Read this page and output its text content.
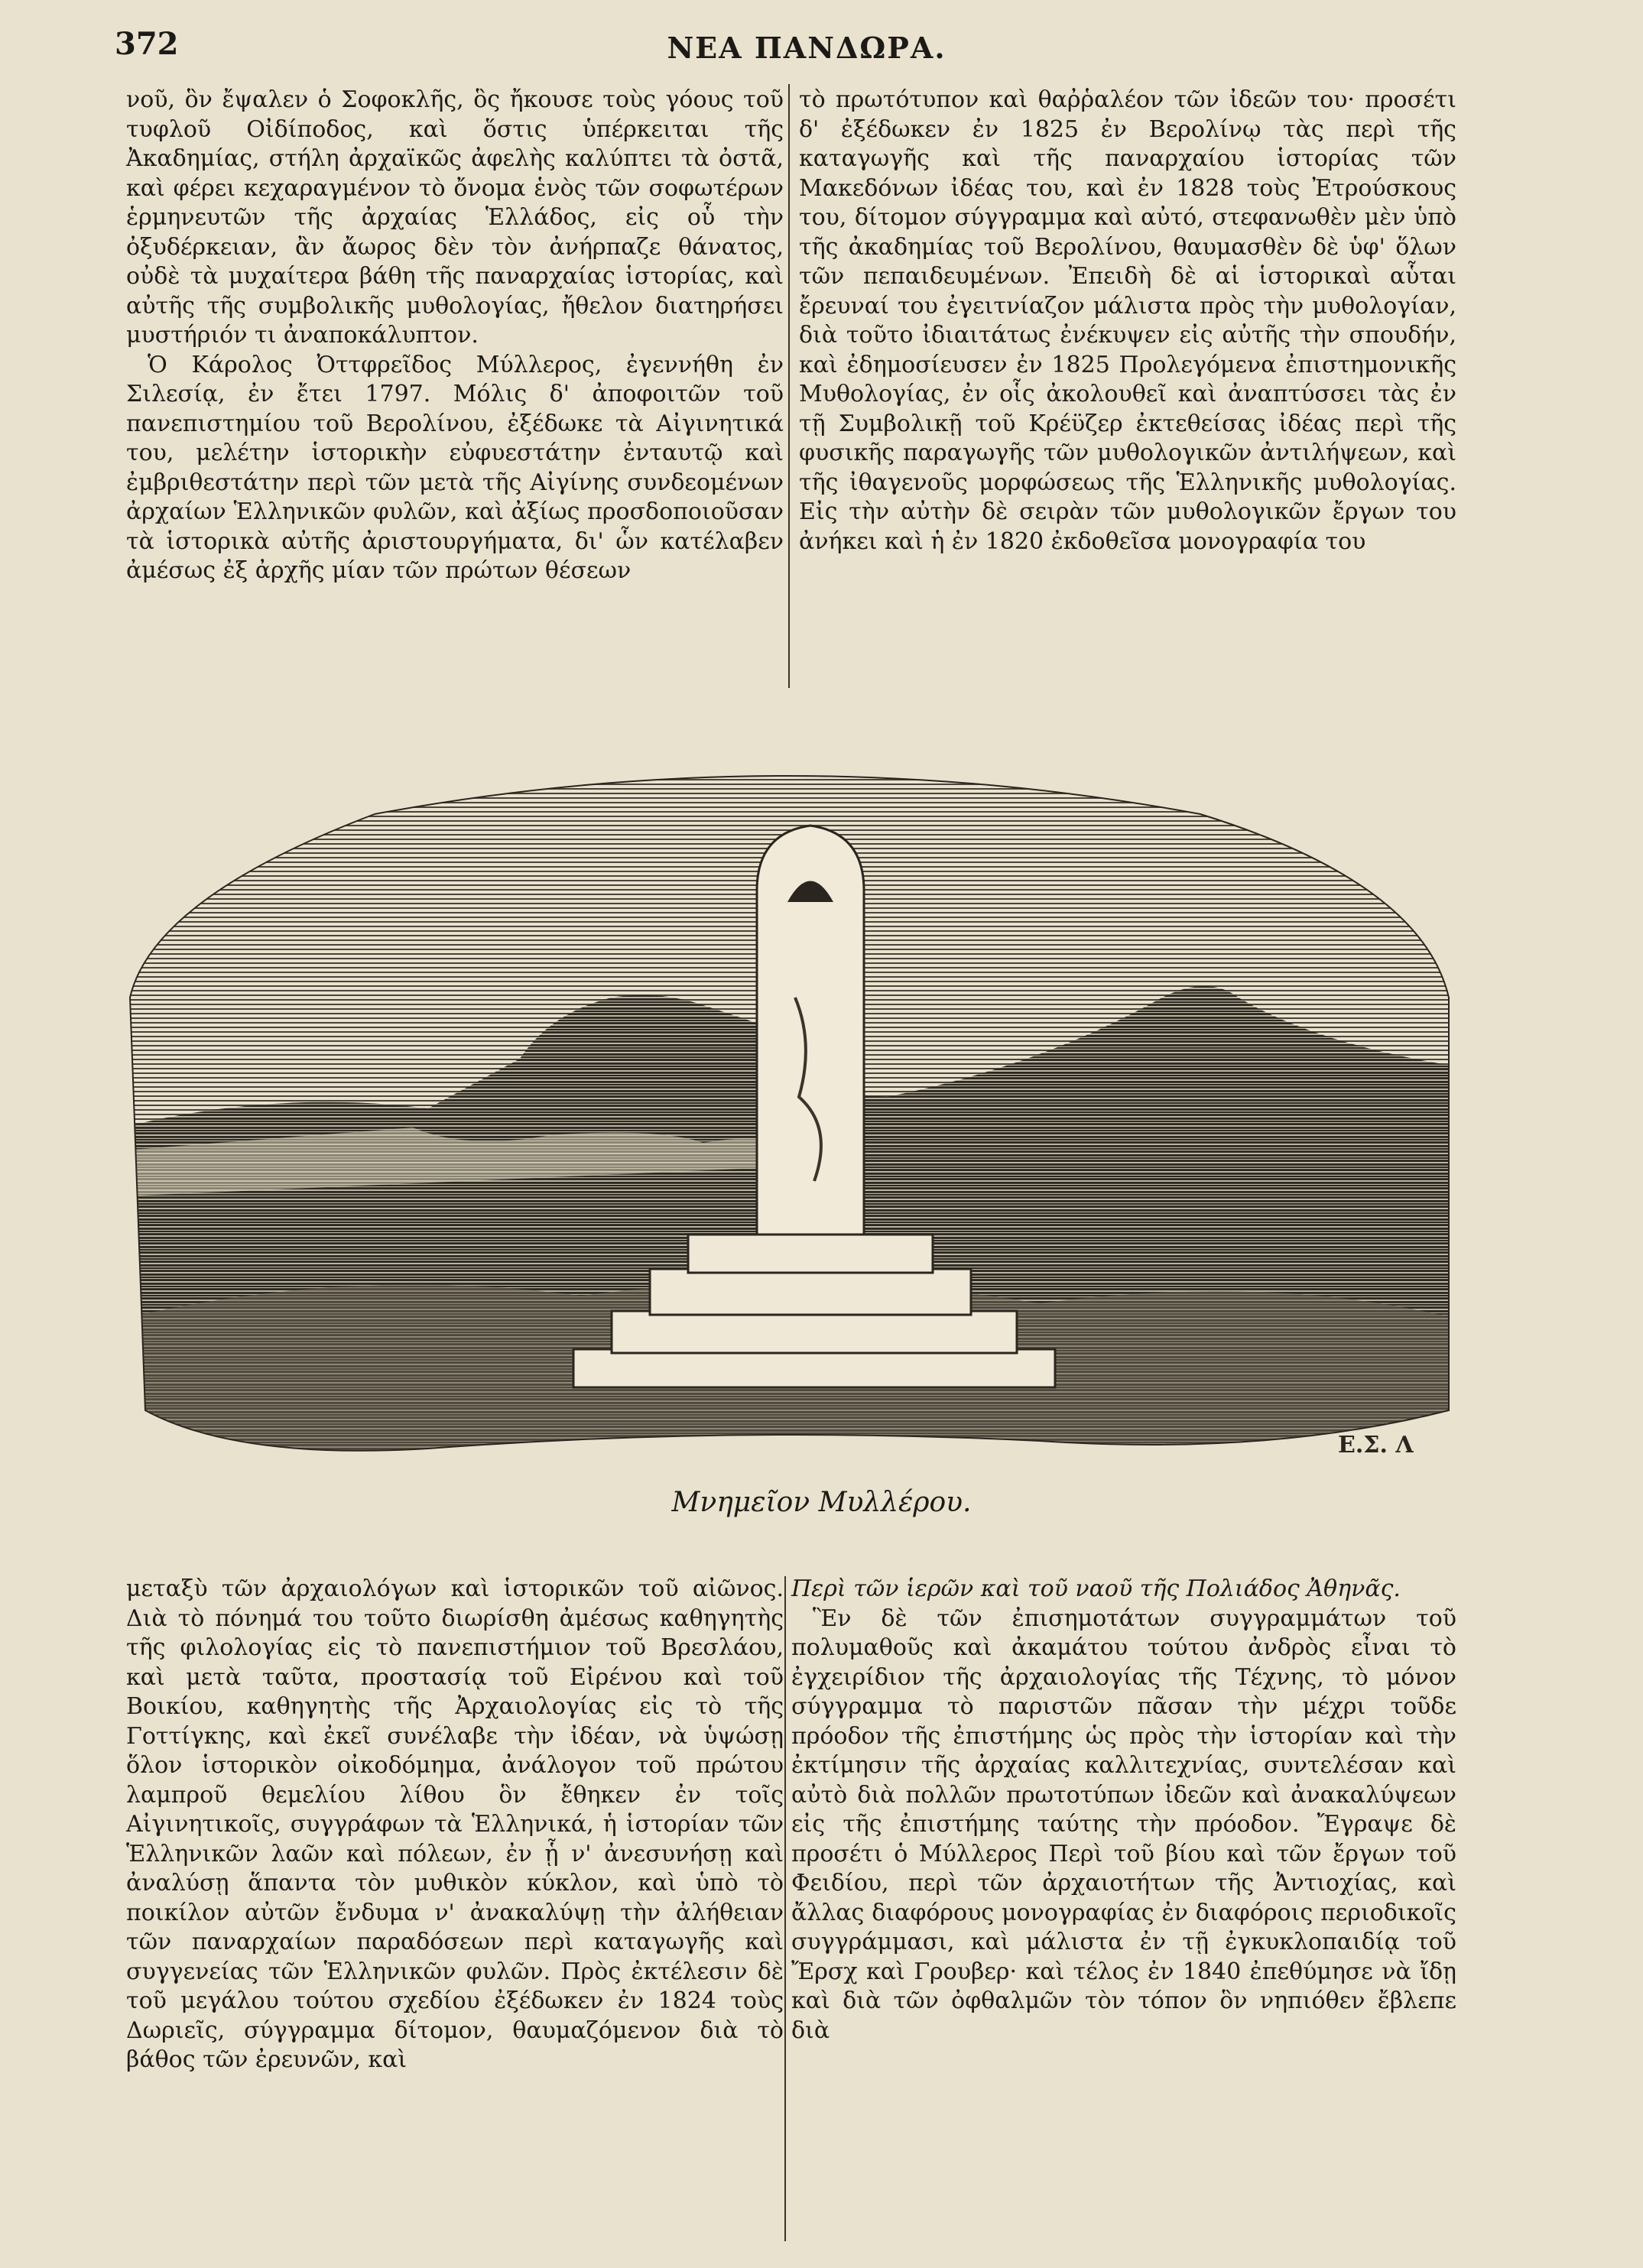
372	ΝΕΑ ΠΑΝΔΩΡΑ.

νοῦ, ὃν ἔψαλεν ὁ Σοφοκλῆς, ὃς ἤκουσε τοὺς γόους τοῦ τυφλοῦ Οἰδίποδος, καὶ ὅστις ὑπέρκειται τῆς Ἀκαδημίας, στήλη ἀρχαϊκῶς ἀφελὴς καλύπτει τὰ ὀστᾶ, καὶ φέρει κεχαραγμένον τὸ ὄνομα ἑνὸς τῶν σοφωτέρων ἑρμηνευτῶν τῆς ἀρχαίας Ἑλλάδος, εἰς οὗ τὴν ὀξυδέρκειαν, ἂν ἄωρος δὲν τὸν ἀνήρπαζε θάνατος, οὐδὲ τὰ μυχαίτερα βάθη τῆς παναρχαίας ἱστορίας, καὶ αὐτῆς τῆς συμβολικῆς μυθολογίας, ἤθελον διατηρήσει μυστήριόν τι ἀναποκάλυπτον.

Ὁ Κάρολος Ὀττφρεῖδος Μύλλερος, ἐγεννήθη ἐν Σιλεσίᾳ, ἐν ἔτει 1797. Μόλις δ' ἀποφοιτῶν τοῦ πανεπιστημίου τοῦ Βερολίνου, ἐξέδωκε τὰ Αἰγινητικά του, μελέτην ἱστορικὴν εὐφυεστάτην ἐνταυτῷ καὶ ἐμβριθεστάτην περὶ τῶν μετὰ τῆς Αἰγίνης συνδεομένων ἀρχαίων Ἑλληνικῶν φυλῶν, καὶ ἀξίως προσδοποιοῦσαν τὰ ἱστορικὰ αὐτῆς ἀριστουργήματα, δι' ὧν κατέλαβεν ἀμέσως ἐξ ἀρχῆς μίαν τῶν πρώτων θέσεων

τὸ πρωτότυπον καὶ θαῤῥαλέον τῶν ἰδεῶν του· προσέτι δ' ἐξέδωκεν ἐν 1825 ἐν Βερολίνῳ τὰς περὶ τῆς καταγωγῆς καὶ τῆς παναρχαίου ἱστορίας τῶν Μακεδόνων ἰδέας του, καὶ ἐν 1828 τοὺς Ἐτρούσκους του, δίτομον σύγγραμμα καὶ αὐτό, στεφανωθὲν μὲν ὑπὸ τῆς ἀκαδημίας τοῦ Βερολίνου, θαυμασθὲν δὲ ὑφ' ὅλων τῶν πεπαιδευμένων. Ἐπειδὴ δὲ αἱ ἱστορικαὶ αὗται ἔρευναί του ἐγειτνίαζον μάλιστα πρὸς τὴν μυθολογίαν, διὰ τοῦτο ἰδιαιτάτως ἐνέκυψεν εἰς αὐτῆς τὴν σπουδήν, καὶ ἐδημοσίευσεν ἐν 1825 Προλεγόμενα ἐπιστημονικῆς Μυθολογίας, ἐν οἷς ἀκολουθεῖ καὶ ἀναπτύσσει τὰς ἐν τῇ Συμβολικῇ τοῦ Κρέϋζερ ἐκτεθείσας ἰδέας περὶ τῆς φυσικῆς παραγωγῆς τῶν μυθολογικῶν ἀντιλήψεων, καὶ τῆς ἰθαγενοῦς μορφώσεως τῆς Ἑλληνικῆς μυθολογίας. Εἰς τὴν αὐτὴν δὲ σειρὰν τῶν μυθολογικῶν ἔργων του ἀνήκει καὶ ἡ ἐν 1820 ἐκδοθεῖσα μονογραφία του

Ε.Σ. Λ
Μνημεῖον Μυλλέρου.

μεταξὺ τῶν ἀρχαιολόγων καὶ ἱστορικῶν τοῦ αἰῶνος. Διὰ τὸ πόνημά του τοῦτο διωρίσθη ἀμέσως καθηγητὴς τῆς φιλολογίας εἰς τὸ πανεπιστήμιον τοῦ Βρεσλάου, καὶ μετὰ ταῦτα, προστασίᾳ τοῦ Εἰρένου καὶ τοῦ Βοικίου, καθηγητὴς τῆς Ἀρχαιολογίας εἰς τὸ τῆς Γοττίγκης, καὶ ἐκεῖ συνέλαβε τὴν ἰδέαν, νὰ ὑψώσῃ ὅλον ἱστορικὸν οἰκοδόμημα, ἀνάλογον τοῦ πρώτου λαμπροῦ θεμελίου λίθου ὃν ἔθηκεν ἐν τοῖς Αἰγινητικοῖς, συγγράφων τὰ Ἑλληνικά, ἡ ἱστορίαν τῶν Ἑλληνικῶν λαῶν καὶ πόλεων, ἐν ᾗ ν' ἀνεσυνήσῃ καὶ ἀναλύσῃ ἅπαντα τὸν μυθικὸν κύκλον, καὶ ὑπὸ τὸ ποικίλον αὐτῶν ἔνδυμα ν' ἀνακαλύψῃ τὴν ἀλήθειαν τῶν παναρχαίων παραδόσεων περὶ καταγωγῆς καὶ συγγενείας τῶν Ἑλληνικῶν φυλῶν. Πρὸς ἐκτέλεσιν δὲ τοῦ μεγάλου τούτου σχεδίου ἐξέδωκεν ἐν 1824 τοὺς Δωριεῖς, σύγγραμμα δίτομον, θαυμαζόμενον διὰ τὸ βάθος τῶν ἐρευνῶν, καὶ

Περὶ τῶν ἱερῶν καὶ τοῦ ναοῦ τῆς Πολιάδος Ἀθηνᾶς.

Ἓν δὲ τῶν ἐπισημοτάτων συγγραμμάτων τοῦ πολυμαθοῦς καὶ ἀκαμάτου τούτου ἀνδρὸς εἶναι τὸ ἐγχειρίδιον τῆς ἀρχαιολογίας τῆς Τέχνης, τὸ μόνον σύγγραμμα τὸ παριστῶν πᾶσαν τὴν μέχρι τοῦδε πρόοδον τῆς ἐπιστήμης ὡς πρὸς τὴν ἱστορίαν καὶ τὴν ἐκτίμησιν τῆς ἀρχαίας καλλιτεχνίας, συντελέσαν καὶ αὐτὸ διὰ πολλῶν πρωτοτύπων ἰδεῶν καὶ ἀνακαλύψεων εἰς τῆς ἐπιστήμης ταύτης τὴν πρόοδον. Ἔγραψε δὲ προσέτι ὁ Μύλλερος Περὶ τοῦ βίου καὶ τῶν ἔργων τοῦ Φειδίου, περὶ τῶν ἀρχαιοτήτων τῆς Ἀντιοχίας, καὶ ἄλλας διαφόρους μονογραφίας ἐν διαφόροις περιοδικοῖς συγγράμμασι, καὶ μάλιστα ἐν τῇ ἐγκυκλοπαιδίᾳ τοῦ Ἔρσχ καὶ Γρουβερ· καὶ τέλος ἐν 1840 ἐπεθύμησε νὰ ἴδῃ καὶ διὰ τῶν ὀφθαλμῶν τὸν τόπον ὃν νηπιόθεν ἔβλεπε διὰ
